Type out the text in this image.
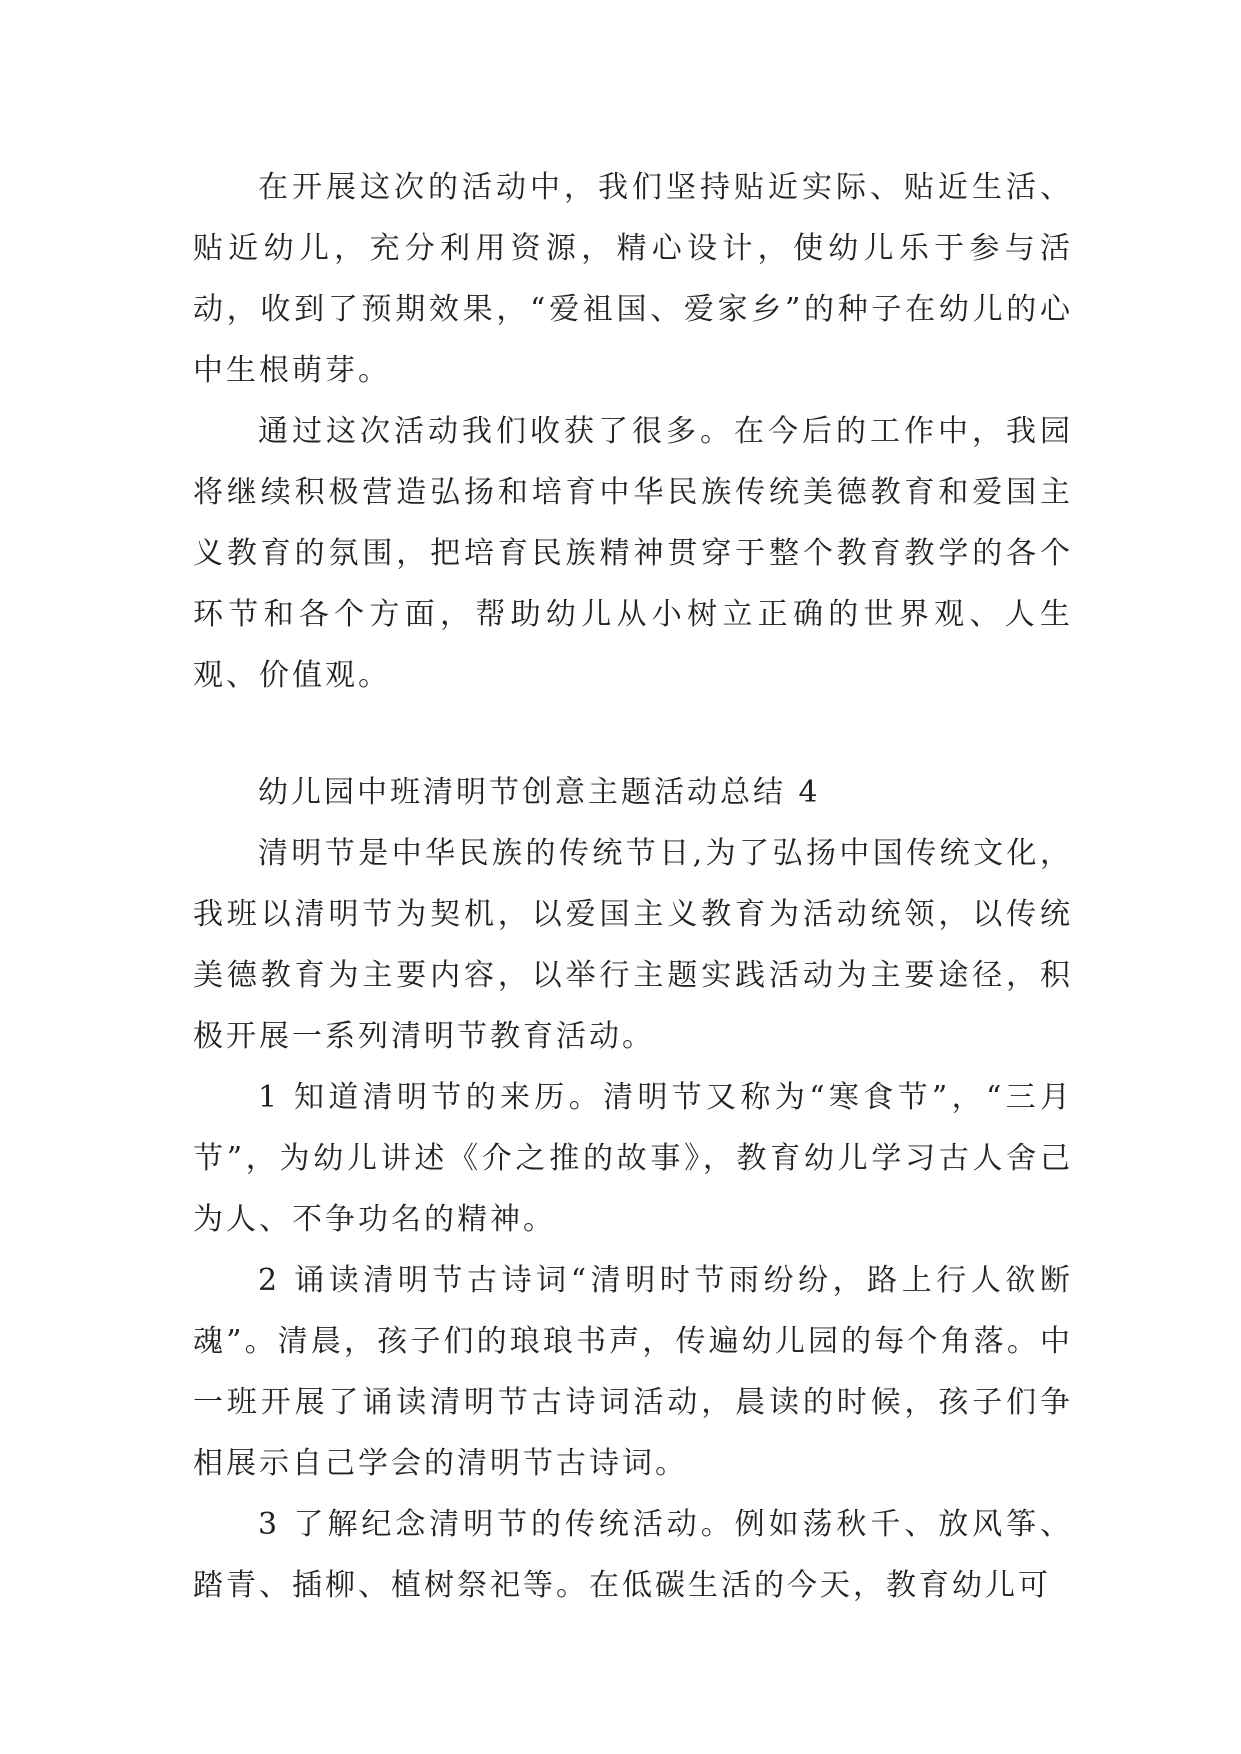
在开展这次的活动中，我们坚持贴近实际、贴近生活、贴近幼儿，充分利用资源，精心设计，使幼儿乐于参与活动，收到了预期效果，“爱祖国、爱家乡”的种子在幼儿的心中生根萌芽。

通过这次活动我们收获了很多。在今后的工作中，我园将继续积极营造弘扬和培育中华民族传统美德教育和爱国主义教育的氛围，把培育民族精神贯穿于整个教育教学的各个环节和各个方面，帮助幼儿从小树立正确的世界观、人生观、价值观。

幼儿园中班清明节创意主题活动总结 4

清明节是中华民族的传统节日,为了弘扬中国传统文化，我班以清明节为契机，以爱国主义教育为活动统领，以传统美德教育为主要内容，以举行主题实践活动为主要途径，积极开展一系列清明节教育活动。

1 知道清明节的来历。清明节又称为“寒食节”，“三月节”，为幼儿讲述《介之推的故事》，教育幼儿学习古人舍己为人、不争功名的精神。

2 诵读清明节古诗词“清明时节雨纷纷，路上行人欲断魂”。清晨，孩子们的琅琅书声，传遍幼儿园的每个角落。中一班开展了诵读清明节古诗词活动，晨读的时候，孩子们争相展示自己学会的清明节古诗词。

3 了解纪念清明节的传统活动。例如荡秋千、放风筝、踏青、插柳、植树祭祀等。在低碳生活的今天，教育幼儿可
